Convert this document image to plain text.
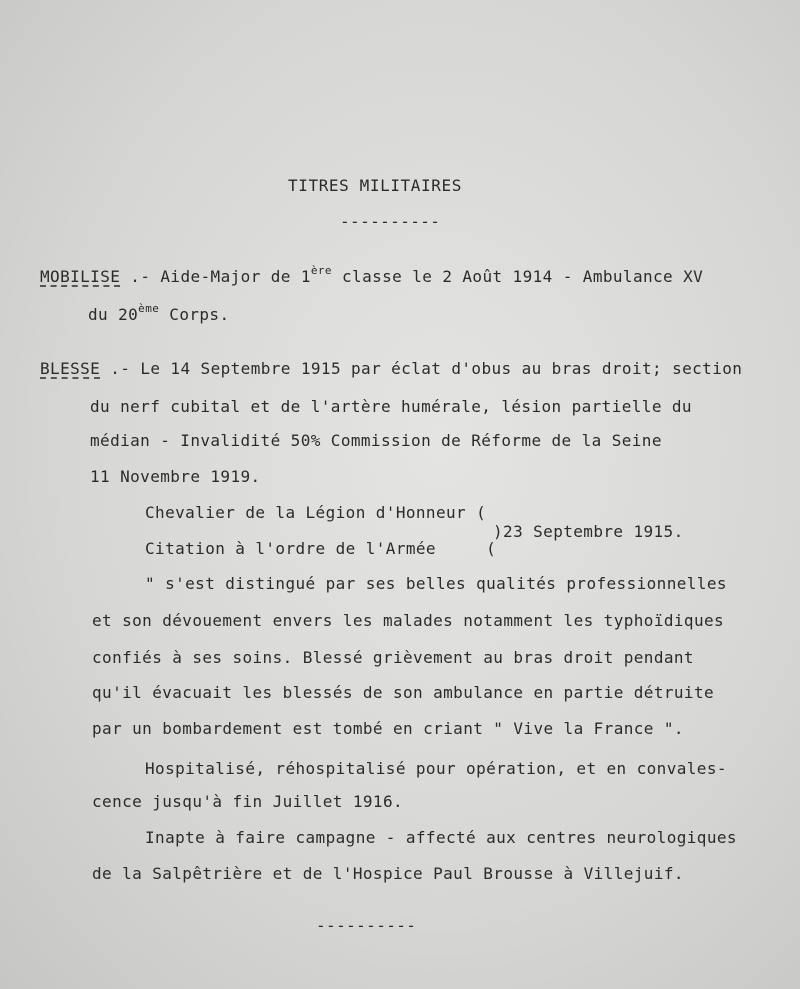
TITRES MILITAIRES
----------
MOBILISE .- Aide-Major de 1ère classe le 2 Août 1914 - Ambulance XV
du 20ème Corps.
BLESSE .- Le 14 Septembre 1915 par éclat d'obus au bras droit; section
du nerf cubital et de l'artère humérale, lésion partielle du
médian - Invalidité 50% Commission de Réforme de la Seine
11 Novembre 1919.
Chevalier de la Légion d'Honneur (
)23 Septembre 1915.
Citation à l'ordre de l'Armée     (
" s'est distingué par ses belles qualités professionnelles
et son dévouement envers les malades notamment les typhoïdiques
confiés à ses soins. Blessé grièvement au bras droit pendant
qu'il évacuait les blessés de son ambulance en partie détruite
par un bombardement est tombé en criant " Vive la France ".
Hospitalisé, réhospitalisé pour opération, et en convales-
cence jusqu'à fin Juillet 1916.
Inapte à faire campagne - affecté aux centres neurologiques
de la Salpêtrière et de l'Hospice Paul Brousse à Villejuif.
----------
